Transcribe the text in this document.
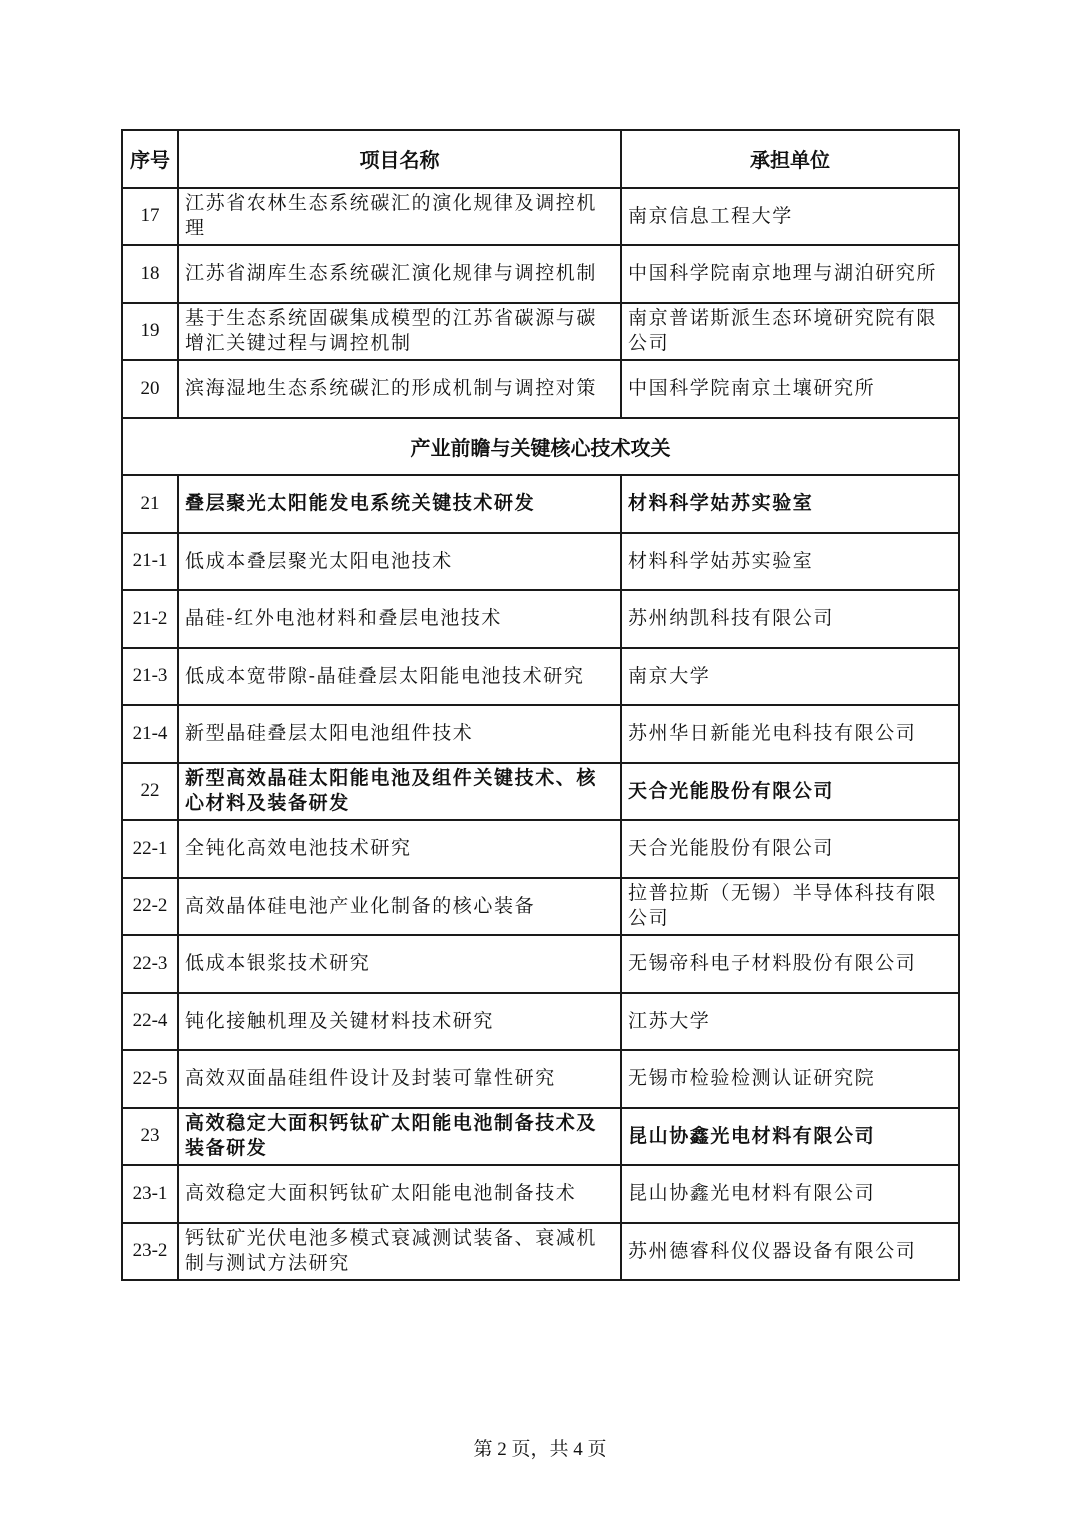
序号	项目名称	承担单位
17	江苏省农林生态系统碳汇的演化规律及调控机理	南京信息工程大学
18	江苏省湖库生态系统碳汇演化规律与调控机制	中国科学院南京地理与湖泊研究所
19	基于生态系统固碳集成模型的江苏省碳源与碳增汇关键过程与调控机制	南京普诺斯派生态环境研究院有限公司
20	滨海湿地生态系统碳汇的形成机制与调控对策	中国科学院南京土壤研究所
产业前瞻与关键核心技术攻关		
21	叠层聚光太阳能发电系统关键技术研发	材料科学姑苏实验室
21-1	低成本叠层聚光太阳电池技术	材料科学姑苏实验室
21-2	晶硅-红外电池材料和叠层电池技术	苏州纳凯科技有限公司
21-3	低成本宽带隙-晶硅叠层太阳能电池技术研究	南京大学
21-4	新型晶硅叠层太阳电池组件技术	苏州华日新能光电科技有限公司
22	新型高效晶硅太阳能电池及组件关键技术、核心材料及装备研发	天合光能股份有限公司
22-1	全钝化高效电池技术研究	天合光能股份有限公司
22-2	高效晶体硅电池产业化制备的核心装备	拉普拉斯（无锡）半导体科技有限公司
22-3	低成本银浆技术研究	无锡帝科电子材料股份有限公司
22-4	钝化接触机理及关键材料技术研究	江苏大学
22-5	高效双面晶硅组件设计及封装可靠性研究	无锡市检验检测认证研究院
23	高效稳定大面积钙钛矿太阳能电池制备技术及装备研发	昆山协鑫光电材料有限公司
23-1	高效稳定大面积钙钛矿太阳能电池制备技术	昆山协鑫光电材料有限公司
23-2	钙钛矿光伏电池多模式衰减测试装备、衰减机制与测试方法研究	苏州德睿科仪仪器设备有限公司
第 2 页，共 4 页
